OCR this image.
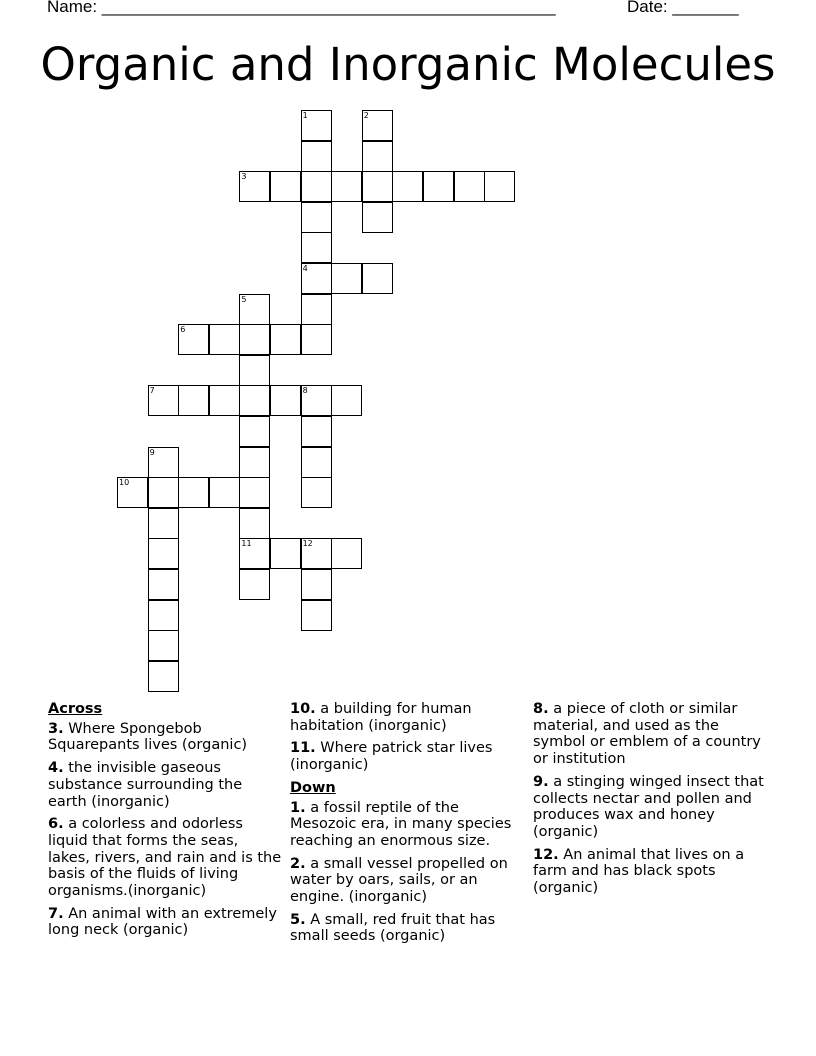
Name: ________________________________________________	Date: _______
Organic and Inorganic Molecules
3
4
6
7	8
10
11	12
1	2
5
9
Across
3. Where Spongebob Squarepants lives (organic)
4. the invisible gaseous substance surrounding the earth (inorganic)
6. a colorless and odorless liquid that forms the seas, lakes, rivers, and rain and is the basis of the fluids of living organisms.(inorganic)
7. An animal with an extremely long neck (organic)
10. a building for human habitation (inorganic)
11. Where patrick star lives (inorganic)
Down
1. a fossil reptile of the Mesozoic era, in many species reaching an enormous size.
2. a small vessel propelled on water by oars, sails, or an engine. (inorganic)
5. A small, red fruit that has small seeds (organic)
8. a piece of cloth or similar material, and used as the symbol or emblem of a country or institution
9. a stinging winged insect that collects nectar and pollen and produces wax and honey (organic)
12. An animal that lives on a farm and has black spots (organic)
